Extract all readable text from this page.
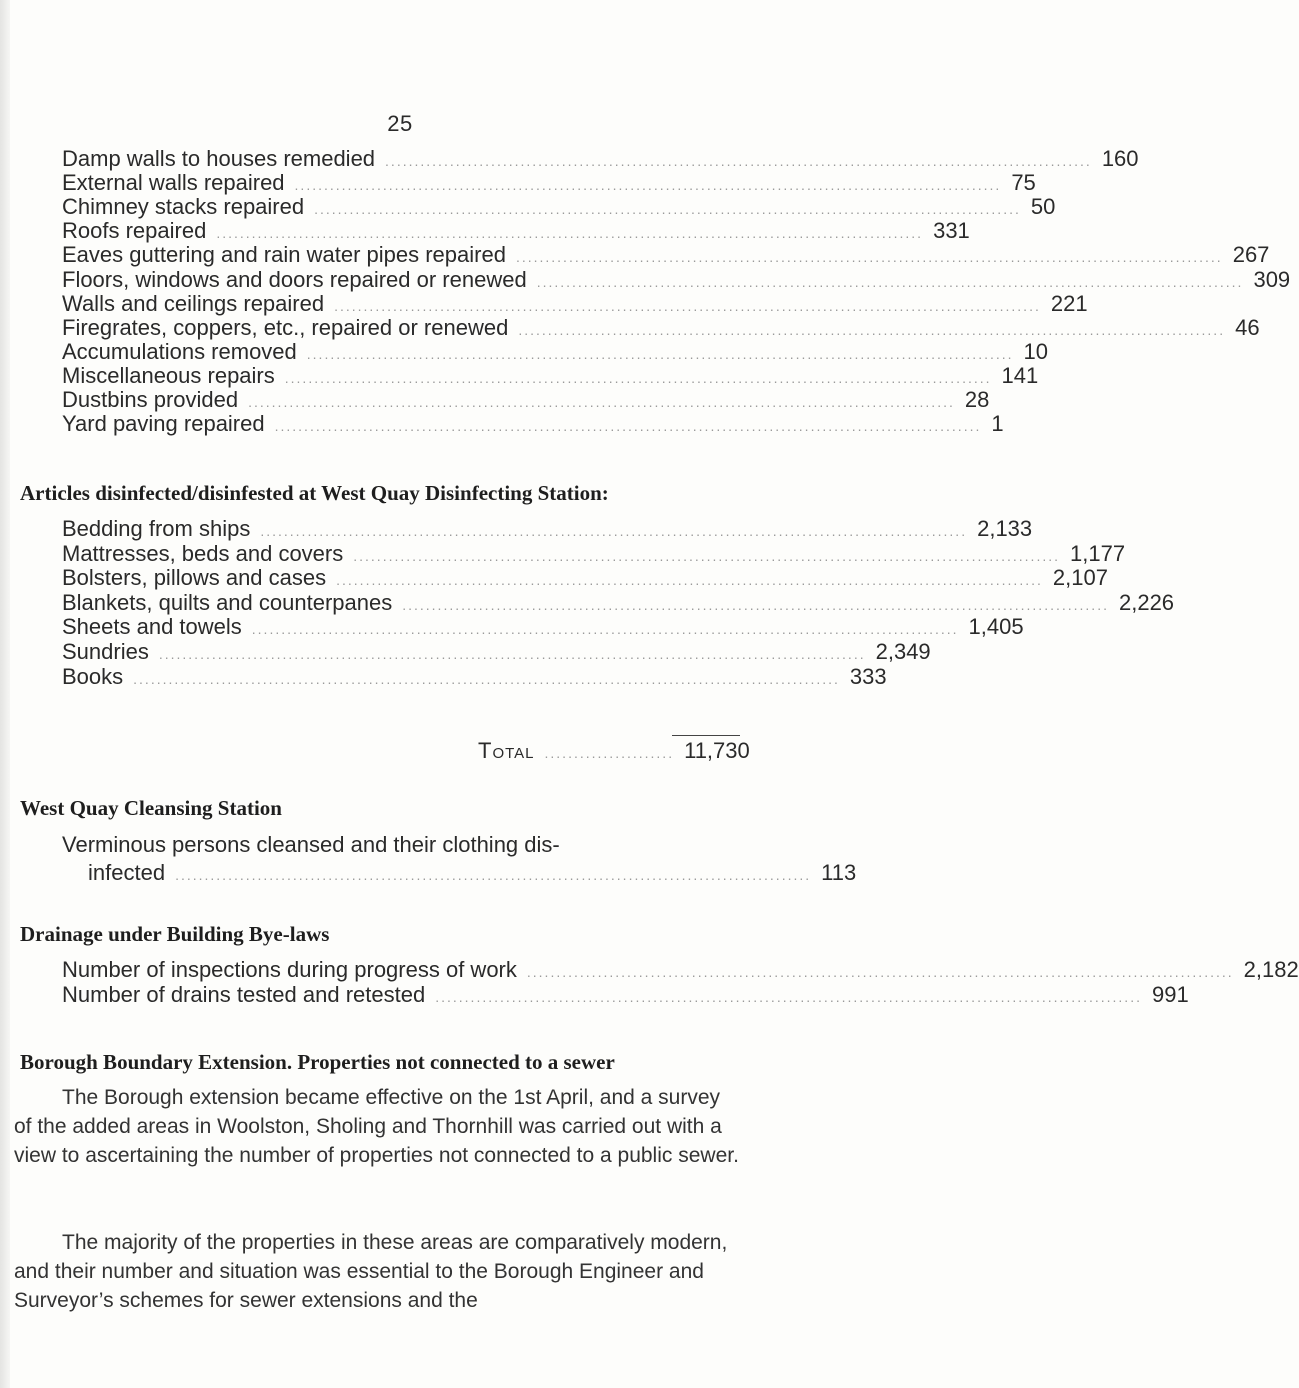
25
Damp walls to houses remedied ........................................................................................................................ 160
External walls repaired ........................................................................................................................ 75
Chimney stacks repaired ........................................................................................................................ 50
Roofs repaired ........................................................................................................................ 331
Eaves guttering and rain water pipes repaired ........................................................................................................................ 267
Floors, windows and doors repaired or renewed ........................................................................................................................ 309
Walls and ceilings repaired ........................................................................................................................ 221
Firegrates, coppers, etc., repaired or renewed ........................................................................................................................ 46
Accumulations removed ........................................................................................................................ 10
Miscellaneous repairs ........................................................................................................................ 141
Dustbins provided ........................................................................................................................ 28
Yard paving repaired ........................................................................................................................ 1
Articles disinfected/disinfested at West Quay Disinfecting Station:
Bedding from ships ........................................................................................................................ 2,133
Mattresses, beds and covers ........................................................................................................................ 1,177
Bolsters, pillows and cases ........................................................................................................................ 2,107
Blankets, quilts and counterpanes ........................................................................................................................ 2,226
Sheets and towels ........................................................................................................................ 1,405
Sundries ........................................................................................................................ 2,349
Books ........................................................................................................................ 333
Total ...................... 11,730
West Quay Cleansing Station
Verminous persons cleansed and their clothing dis-
infected ............................................................................................................ 113
Drainage under Building Bye-laws
Number of inspections during progress of work ........................................................................................................................ 2,182
Number of drains tested and retested ........................................................................................................................ 991
Borough Boundary Extension. Properties not connected to a sewer
The Borough extension became effective on the 1st April, and a survey of the added areas in Woolston, Sholing and Thornhill was carried out with a view to ascertaining the number of properties not connected to a public sewer.
The majority of the properties in these areas are comparatively modern, and their number and situation was essential to the Borough Engineer and Surveyor’s schemes for sewer extensions and the
